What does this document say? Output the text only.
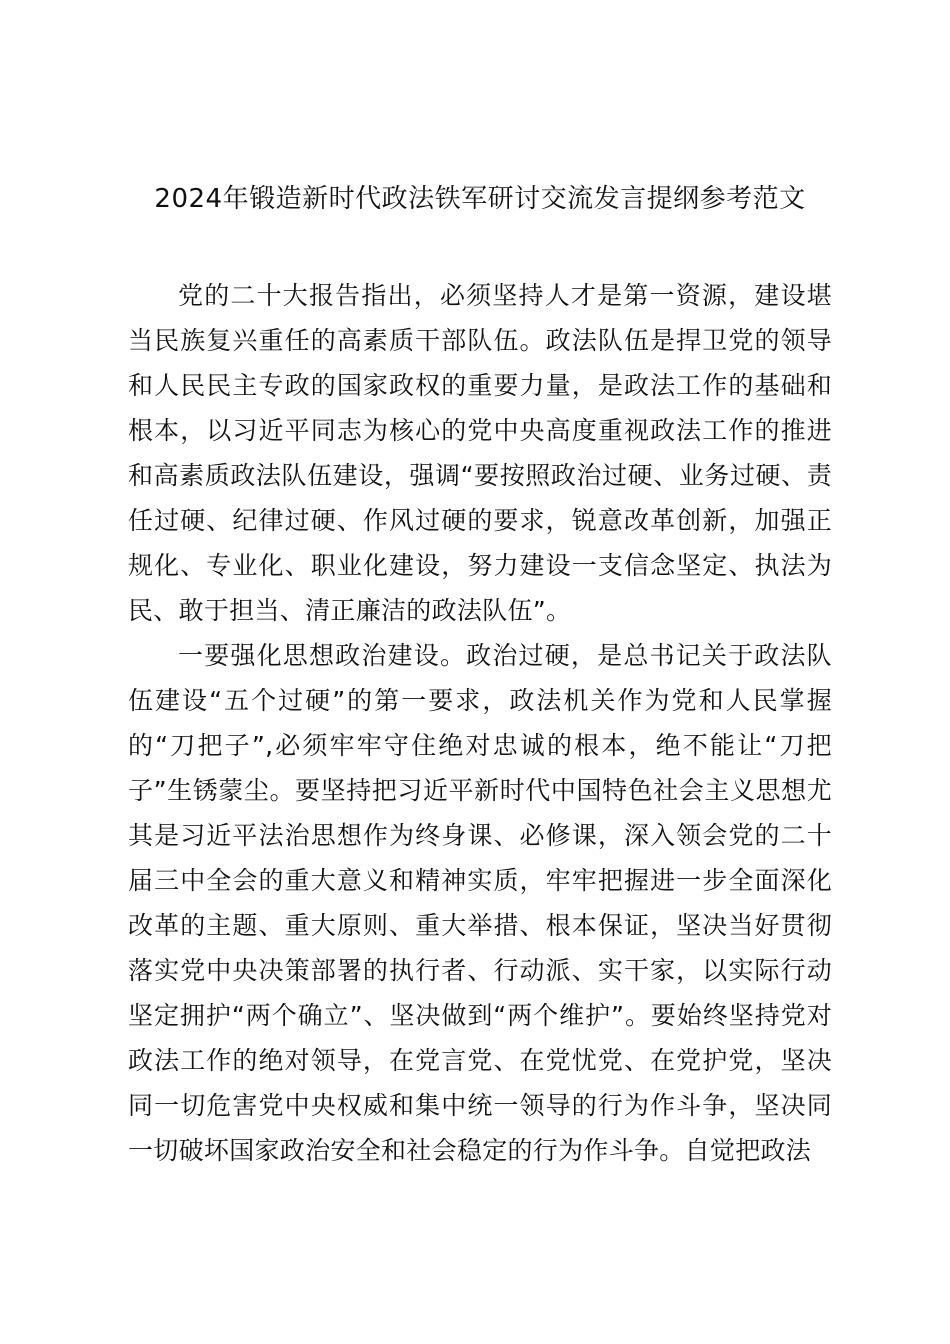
2024年锻造新时代政法铁军研讨交流发言提纲参考范文

党的二十大报告指出，必须坚持人才是第一资源，建设堪当民族复兴重任的高素质干部队伍。政法队伍是捍卫党的领导和人民民主专政的国家政权的重要力量，是政法工作的基础和根本，以习近平同志为核心的党中央高度重视政法工作的推进和高素质政法队伍建设，强调“要按照政治过硬、业务过硬、责任过硬、纪律过硬、作风过硬的要求，锐意改革创新，加强正规化、专业化、职业化建设，努力建设一支信念坚定、执法为民、敢于担当、清正廉洁的政法队伍”。

一要强化思想政治建设。政治过硬，是总书记关于政法队伍建设“五个过硬”的第一要求，政法机关作为党和人民掌握的“刀把子”,必须牢牢守住绝对忠诚的根本，绝不能让“刀把子”生锈蒙尘。要坚持把习近平新时代中国特色社会主义思想尤其是习近平法治思想作为终身课、必修课，深入领会党的二十届三中全会的重大意义和精神实质，牢牢把握进一步全面深化改革的主题、重大原则、重大举措、根本保证，坚决当好贯彻落实党中央决策部署的执行者、行动派、实干家，以实际行动坚定拥护“两个确立”、坚决做到“两个维护”。要始终坚持党对政法工作的绝对领导，在党言党、在党忧党、在党护党，坚决同一切危害党中央权威和集中统一领导的行为作斗争，坚决同一切破坏国家政治安全和社会稳定的行为作斗争。自觉把政法
